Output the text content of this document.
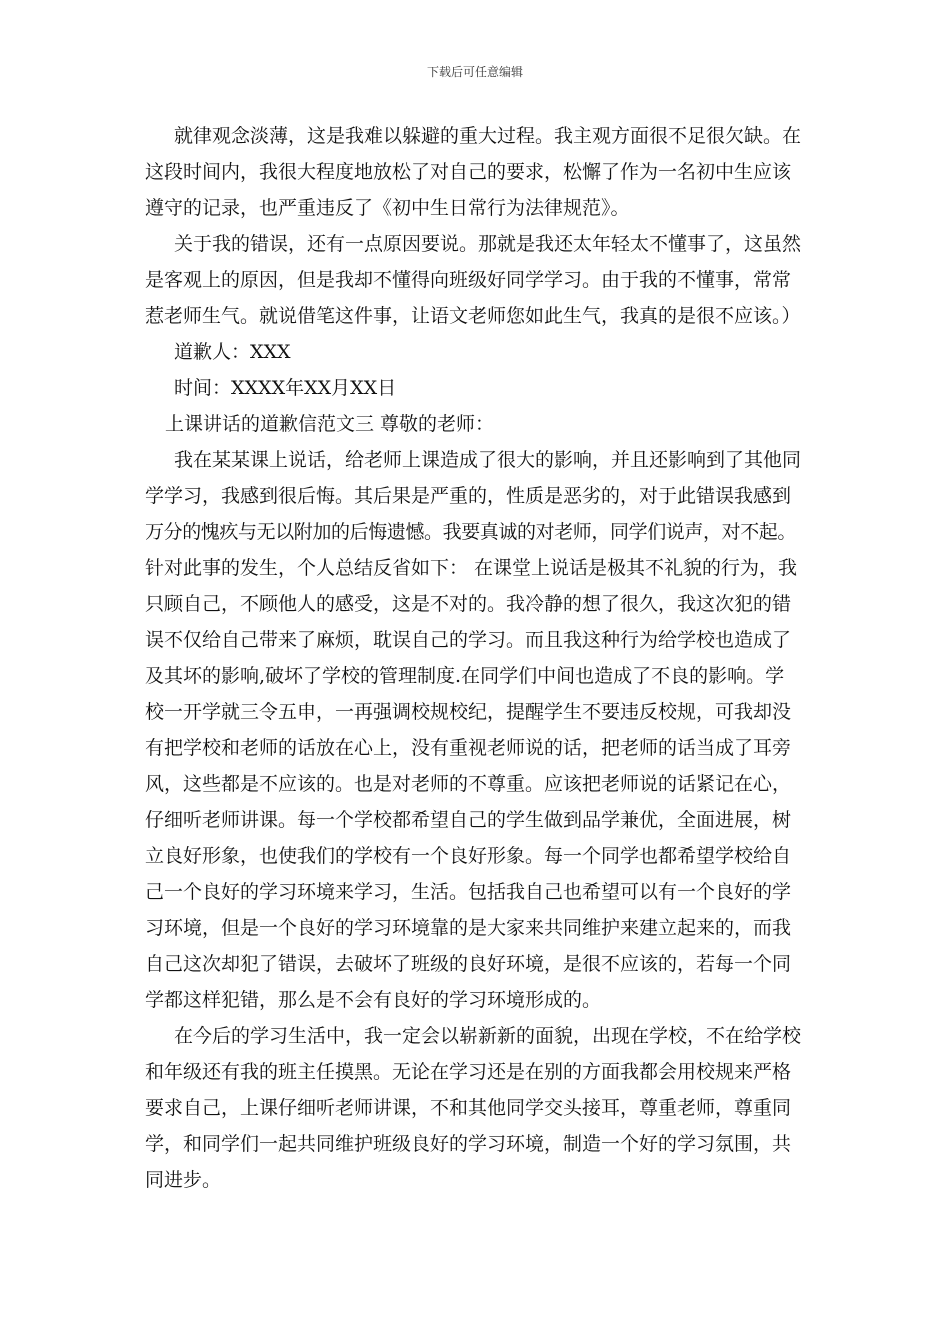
下载后可任意编辑
就律观念淡薄，这是我难以躲避的重大过程。我主观方面很不足很欠缺。在
这段时间内，我很大程度地放松了对自己的要求，松懈了作为一名初中生应该
遵守的记录，也严重违反了《初中生日常行为法律规范》。
关于我的错误，还有一点原因要说。那就是我还太年轻太不懂事了，这虽然
是客观上的原因，但是我却不懂得向班级好同学学习。由于我的不懂事，常常
惹老师生气。就说借笔这件事，让语文老师您如此生气，我真的是很不应该。）
道歉人：XXX
时间：XXXX年XX月XX日
上课讲话的道歉信范文三 尊敬的老师：
我在某某课上说话，给老师上课造成了很大的影响，并且还影响到了其他同
学学习，我感到很后悔。其后果是严重的，性质是恶劣的，对于此错误我感到
万分的愧疚与无以附加的后悔遗憾。我要真诚的对老师，同学们说声，对不起。
针对此事的发生，个人总结反省如下： 在课堂上说话是极其不礼貌的行为，我
只顾自己，不顾他人的感受，这是不对的。我冷静的想了很久，我这次犯的错
误不仅给自己带来了麻烦，耽误自己的学习。而且我这种行为给学校也造成了
及其坏的影响,破坏了学校的管理制度.在同学们中间也造成了不良的影响。学
校一开学就三令五申，一再强调校规校纪，提醒学生不要违反校规，可我却没
有把学校和老师的话放在心上，没有重视老师说的话，把老师的话当成了耳旁
风，这些都是不应该的。也是对老师的不尊重。应该把老师说的话紧记在心，
仔细听老师讲课。每一个学校都希望自己的学生做到品学兼优，全面进展，树
立良好形象，也使我们的学校有一个良好形象。每一个同学也都希望学校给自
己一个良好的学习环境来学习，生活。包括我自己也希望可以有一个良好的学
习环境，但是一个良好的学习环境靠的是大家来共同维护来建立起来的，而我
自己这次却犯了错误，去破坏了班级的良好环境，是很不应该的，若每一个同
学都这样犯错，那么是不会有良好的学习环境形成的。
在今后的学习生活中，我一定会以崭新新的面貌，出现在学校，不在给学校
和年级还有我的班主任摸黑。无论在学习还是在别的方面我都会用校规来严格
要求自己，上课仔细听老师讲课，不和其他同学交头接耳，尊重老师，尊重同
学，和同学们一起共同维护班级良好的学习环境，制造一个好的学习氛围，共
同进步。
